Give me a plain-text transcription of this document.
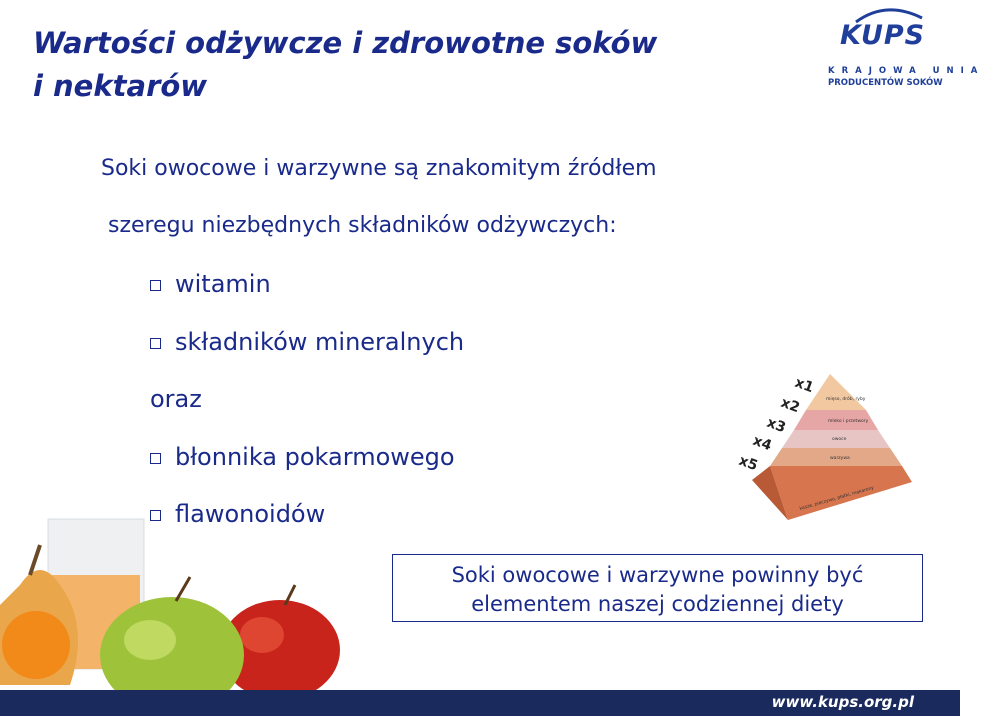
Wartości odżywcze i zdrowotne soków
i nektarów
KUPS
KRAJOWA UNIA
PRODUCENTÓW SOKÓW
Soki owocowe i warzywne są znakomitym źródłem
szeregu niezbędnych składników odżywczych:
witamin
składników mineralnych
oraz
błonnika pokarmowego
flawonoidów
x1
x2
x3
x4
x5
mięso, drób, ryby
mleko i przetwory
owoce
warzywa
kasze, pieczywo, płatki, makarony
Soki owocowe i warzywne powinny być
elementem naszej codziennej diety
www.kups.org.pl
